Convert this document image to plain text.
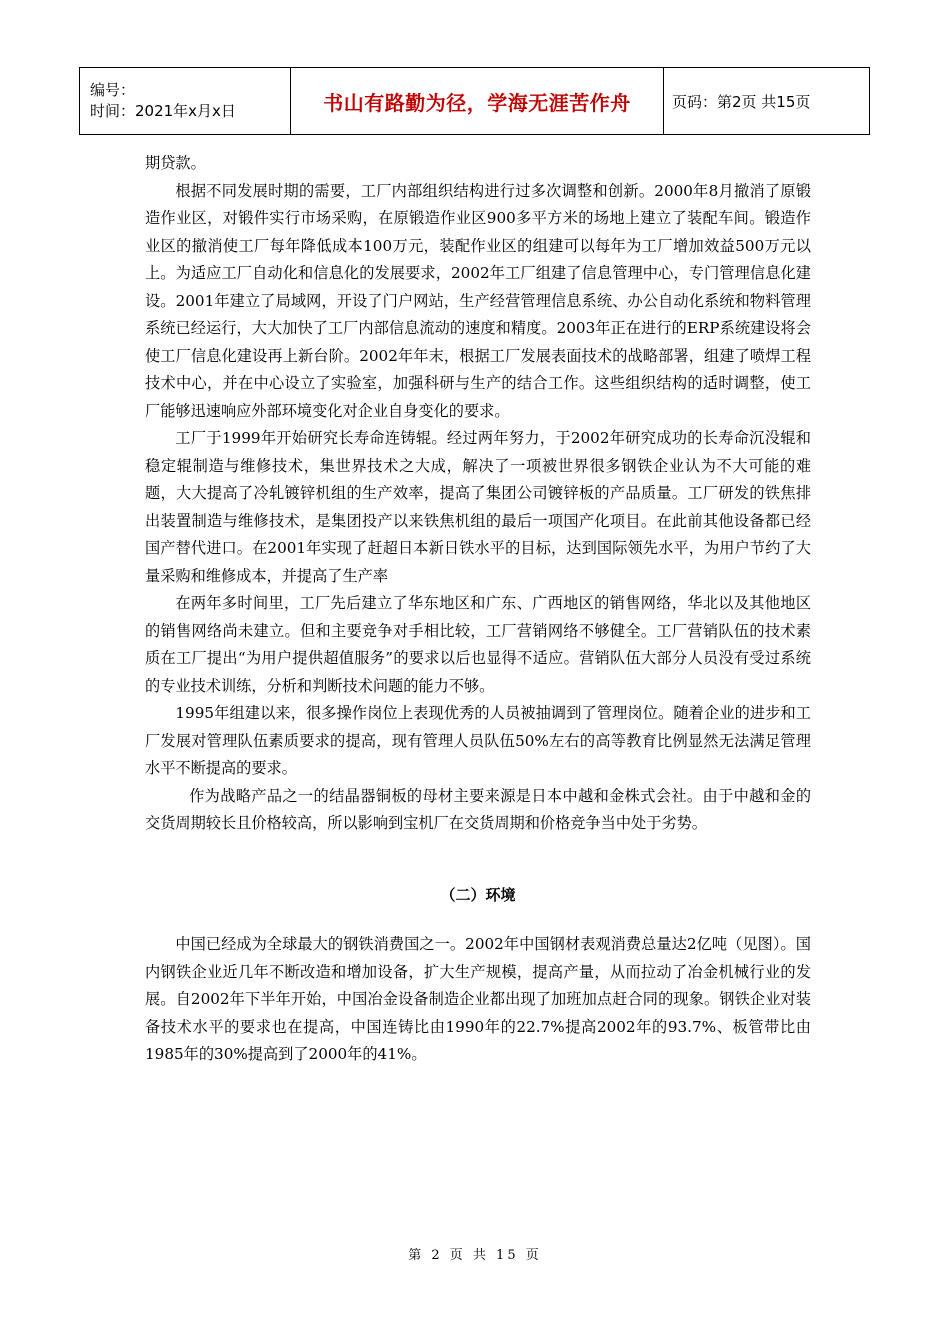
编号：
时间：2021年x月x日	书山有路勤为径，学海无涯苦作舟	页码：第2页 共15页

期贷款。

根据不同发展时期的需要，工厂内部组织结构进行过多次调整和创新。2000年8月撤消了原锻造作业区，对锻件实行市场采购，在原锻造作业区900多平方米的场地上建立了装配车间。锻造作业区的撤消使工厂每年降低成本100万元，装配作业区的组建可以每年为工厂增加效益500万元以上。为适应工厂自动化和信息化的发展要求，2002年工厂组建了信息管理中心，专门管理信息化建设。2001年建立了局域网，开设了门户网站，生产经营管理信息系统、办公自动化系统和物料管理系统已经运行，大大加快了工厂内部信息流动的速度和精度。2003年正在进行的ERP系统建设将会使工厂信息化建设再上新台阶。2002年年末，根据工厂发展表面技术的战略部署，组建了喷焊工程技术中心，并在中心设立了实验室，加强科研与生产的结合工作。这些组织结构的适时调整，使工厂能够迅速响应外部环境变化对企业自身变化的要求。

工厂于1999年开始研究长寿命连铸辊。经过两年努力，于2002年研究成功的长寿命沉没辊和稳定辊制造与维修技术，集世界技术之大成，解决了一项被世界很多钢铁企业认为不大可能的难题，大大提高了冷轧镀锌机组的生产效率，提高了集团公司镀锌板的产品质量。工厂研发的铁焦排出装置制造与维修技术，是集团投产以来铁焦机组的最后一项国产化项目。在此前其他设备都已经国产替代进口。在2001年实现了赶超日本新日铁水平的目标，达到国际领先水平，为用户节约了大量采购和维修成本，并提高了生产率

在两年多时间里，工厂先后建立了华东地区和广东、广西地区的销售网络，华北以及其他地区的销售网络尚未建立。但和主要竞争对手相比较，工厂营销网络不够健全。工厂营销队伍的技术素质在工厂提出“为用户提供超值服务”的要求以后也显得不适应。营销队伍大部分人员没有受过系统的专业技术训练，分析和判断技术问题的能力不够。

1995年组建以来，很多操作岗位上表现优秀的人员被抽调到了管理岗位。随着企业的进步和工厂发展对管理队伍素质要求的提高，现有管理人员队伍50%左右的高等教育比例显然无法满足管理水平不断提高的要求。

作为战略产品之一的结晶器铜板的母材主要来源是日本中越和金株式会社。由于中越和金的交货周期较长且价格较高，所以影响到宝机厂在交货周期和价格竞争当中处于劣势。

（二）环境

中国已经成为全球最大的钢铁消费国之一。2002年中国钢材表观消费总量达2亿吨（见图）。国内钢铁企业近几年不断改造和增加设备，扩大生产规模，提高产量，从而拉动了冶金机械行业的发展。自2002年下半年开始，中国冶金设备制造企业都出现了加班加点赶合同的现象。钢铁企业对装备技术水平的要求也在提高，中国连铸比由1990年的22.7%提高2002年的93.7%、板管带比由1985年的30%提高到了2000年的41%。

第 2 页 共 15 页
